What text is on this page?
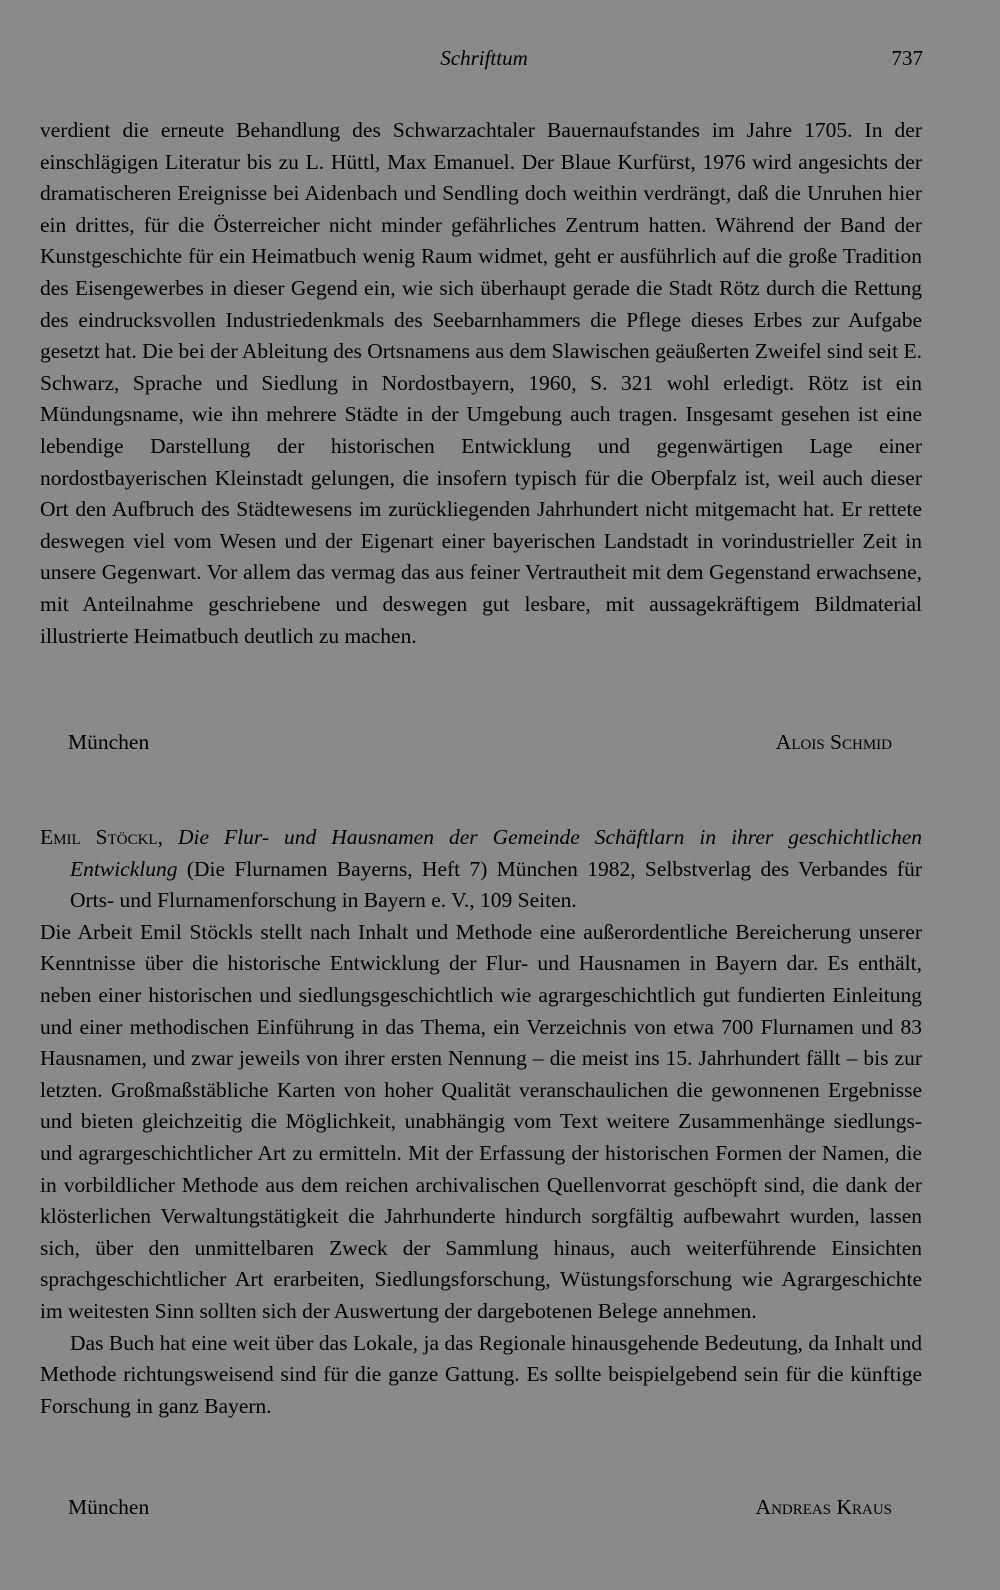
Schrifttum	737

verdient die erneute Behandlung des Schwarzachtaler Bauernaufstandes im Jahre 1705. In der einschlägigen Literatur bis zu L. Hüttl, Max Emanuel. Der Blaue Kurfürst, 1976 wird angesichts der dramatischeren Ereignisse bei Aidenbach und Sendling doch weithin verdrängt, daß die Unruhen hier ein drittes, für die Österreicher nicht minder gefährliches Zentrum hatten. Während der Band der Kunstgeschichte für ein Heimatbuch wenig Raum widmet, geht er ausführlich auf die große Tradition des Eisengewerbes in dieser Gegend ein, wie sich überhaupt gerade die Stadt Rötz durch die Rettung des eindrucksvollen Industriedenkmals des Seebarnhammers die Pflege dieses Erbes zur Aufgabe gesetzt hat. Die bei der Ableitung des Ortsnamens aus dem Slawischen geäußerten Zweifel sind seit E. Schwarz, Sprache und Siedlung in Nordostbayern, 1960, S. 321 wohl erledigt. Rötz ist ein Mündungsname, wie ihn mehrere Städte in der Umgebung auch tragen. Insgesamt gesehen ist eine lebendige Darstellung der historischen Entwicklung und gegenwärtigen Lage einer nordostbayerischen Kleinstadt gelungen, die insofern typisch für die Oberpfalz ist, weil auch dieser Ort den Aufbruch des Städtewesens im zurückliegenden Jahrhundert nicht mitgemacht hat. Er rettete deswegen viel vom Wesen und der Eigenart einer bayerischen Landstadt in vorindustrieller Zeit in unsere Gegenwart. Vor allem das vermag das aus feiner Vertrautheit mit dem Gegenstand erwachsene, mit Anteilnahme geschriebene und deswegen gut lesbare, mit aussagekräftigem Bildmaterial illustrierte Heimatbuch deutlich zu machen.

München	Alois Schmid

Emil Stöckl, Die Flur- und Hausnamen der Gemeinde Schäftlarn in ihrer geschichtlichen Entwicklung (Die Flurnamen Bayerns, Heft 7) München 1982, Selbstverlag des Verbandes für Orts- und Flurnamenforschung in Bayern e. V., 109 Seiten.

Die Arbeit Emil Stöckls stellt nach Inhalt und Methode eine außerordentliche Bereicherung unserer Kenntnisse über die historische Entwicklung der Flur- und Hausnamen in Bayern dar. Es enthält, neben einer historischen und siedlungsgeschichtlich wie agrargeschichtlich gut fundierten Einleitung und einer methodischen Einführung in das Thema, ein Verzeichnis von etwa 700 Flurnamen und 83 Hausnamen, und zwar jeweils von ihrer ersten Nennung – die meist ins 15. Jahrhundert fällt – bis zur letzten. Großmaßstäbliche Karten von hoher Qualität veranschaulichen die gewonnenen Ergebnisse und bieten gleichzeitig die Möglichkeit, unabhängig vom Text weitere Zusammenhänge siedlungs- und agrargeschichtlicher Art zu ermitteln. Mit der Erfassung der historischen Formen der Namen, die in vorbildlicher Methode aus dem reichen archivalischen Quellenvorrat geschöpft sind, die dank der klösterlichen Verwaltungstätigkeit die Jahrhunderte hindurch sorgfältig aufbewahrt wurden, lassen sich, über den unmittelbaren Zweck der Sammlung hinaus, auch weiterführende Einsichten sprachgeschichtlicher Art erarbeiten, Siedlungsforschung, Wüstungsforschung wie Agrargeschichte im weitesten Sinn sollten sich der Auswertung der dargebotenen Belege annehmen.

Das Buch hat eine weit über das Lokale, ja das Regionale hinausgehende Bedeutung, da Inhalt und Methode richtungsweisend sind für die ganze Gattung. Es sollte beispielgebend sein für die künftige Forschung in ganz Bayern.

München	Andreas Kraus
